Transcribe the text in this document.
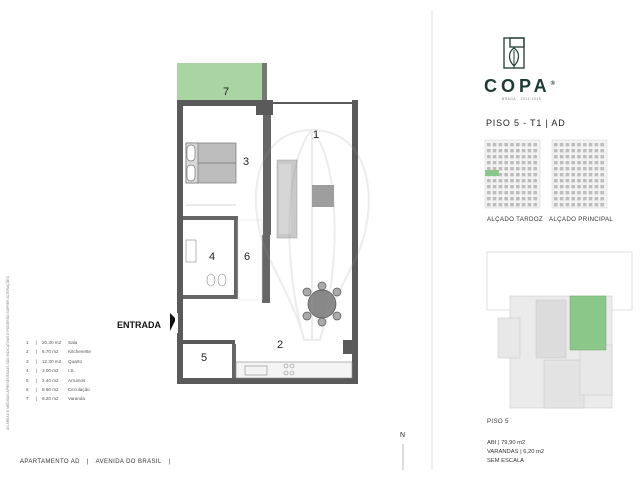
COPA®
BRAGA · 2014·2015
PISO 5 - T1 | AD
ALÇADO TARDOZ ALÇADO PRINCIPAL
PISO 5
ABI | 79,90 m2
VARANDAS | 6,20 m2
SEM ESCALA
1
2
3
4
5
6
7
ENTRADA
1	|	20.30 m2	Sala
2	|	6.70 m2	Kitchenette
3	|	12.30 m2	Quarto
4	|	3.00 m2	I.S.
5	|	2.40 m2	Arrumos
6	|	8.60 m2	Circulação
7	|	6.20 m2	Varanda
AS ÁREAS E MEDIDAS APRESENTADAS SÃO INDICATIVAS E PODERÃO SOFRER ALTERAÇÕES
APARTAMENTO AD | AVENIDA DO BRASIL |
N
